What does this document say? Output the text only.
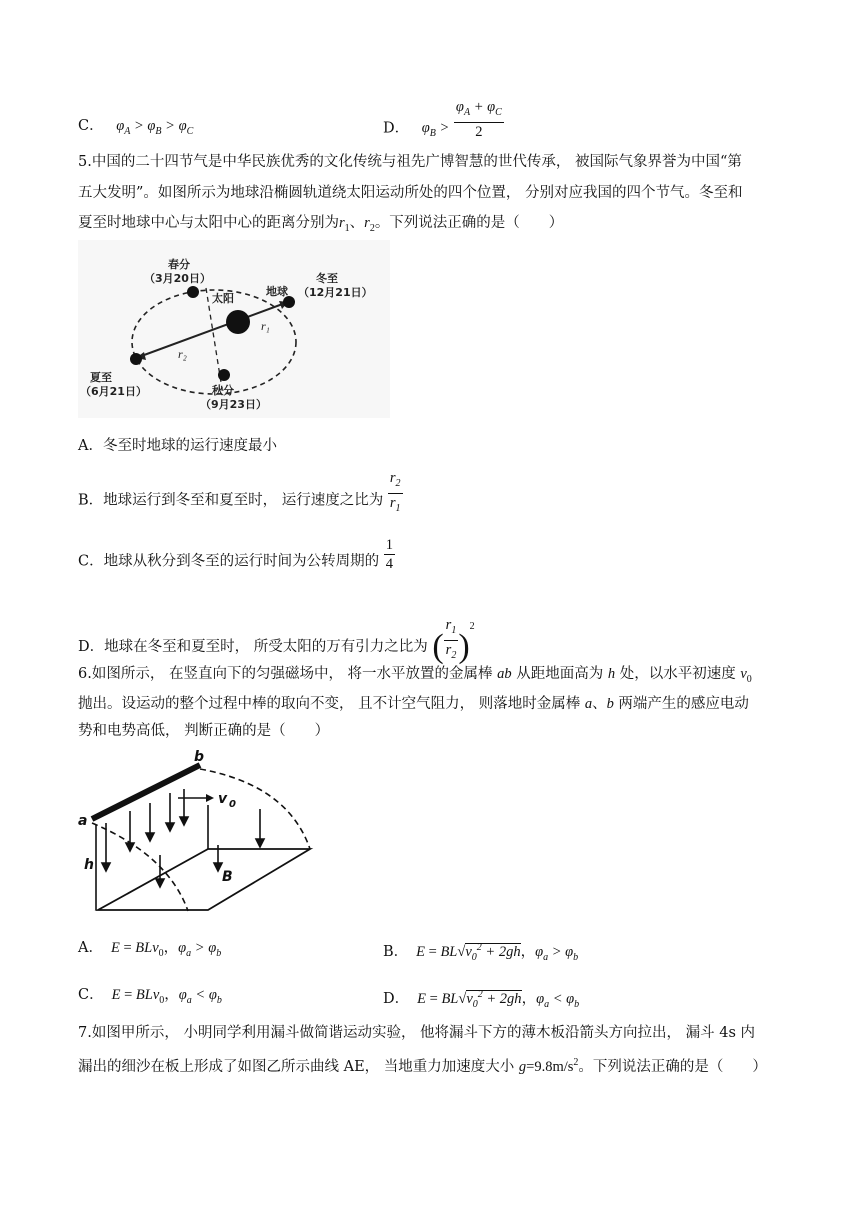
C． $\varphi_A > \varphi_B > \varphi_C$	D． $\varphi_B > \frac{\varphi_A + \varphi_C}{2}$
5.中国的二十四节气是中华民族优秀的文化传统与祖先广博智慧的世代传承， 被国际气象界誉为中国“第
五大发明”。如图所示为地球沿椭圆轨道绕太阳运动所处的四个位置， 分别对应我国的四个节气。冬至和
夏至时地球中心与太阳中心的距离分别为$r_1$、$r_2$。下列说法正确的是（　　）
春分
（3月20日）
太阳
地球
冬至
（12月21日）
夏至
（6月21日）	秋分
（9月23日）
r₁
r₂
A．冬至时地球的运行速度最小
B．地球运行到冬至和夏至时， 运行速度之比为 $\frac{r_2}{r_1}$
C．地球从秋分到冬至的运行时间为公转周期的 $\frac{1}{4}$
D．地球在冬至和夏至时， 所受太阳的万有引力之比为 ( $\frac{r_1}{r_2} )^2$
6.如图所示， 在竖直向下的匀强磁场中， 将一水平放置的金属棒 ab 从距地面高为 h 处，以水平初速度 $v_0$
抛出。设运动的整个过程中棒的取向不变， 且不计空气阻力， 则落地时金属棒 a、b 两端产生的感应电动
势和电势高低， 判断正确的是（　　）
a
b
h
v 0
B
A． E = BLv$_0$，$\varphi_a > \varphi_b$	B． $E = BL√v_0^2 + 2gh$，$\varphi_a > \varphi_b$
C． E = BLv$_0$，$\varphi_a < \varphi_b$	D． $E = BL√v_0^2 + 2gh$，$\varphi_a < \varphi_b$
7.如图甲所示， 小明同学利用漏斗做简谐运动实验， 他将漏斗下方的薄木板沿箭头方向拉出， 漏斗 4s 内
漏出的细沙在板上形成了如图乙所示曲线 AE， 当地重力加速度大小 $g=9.8m/s^2$。下列说法正确的是（　　）
